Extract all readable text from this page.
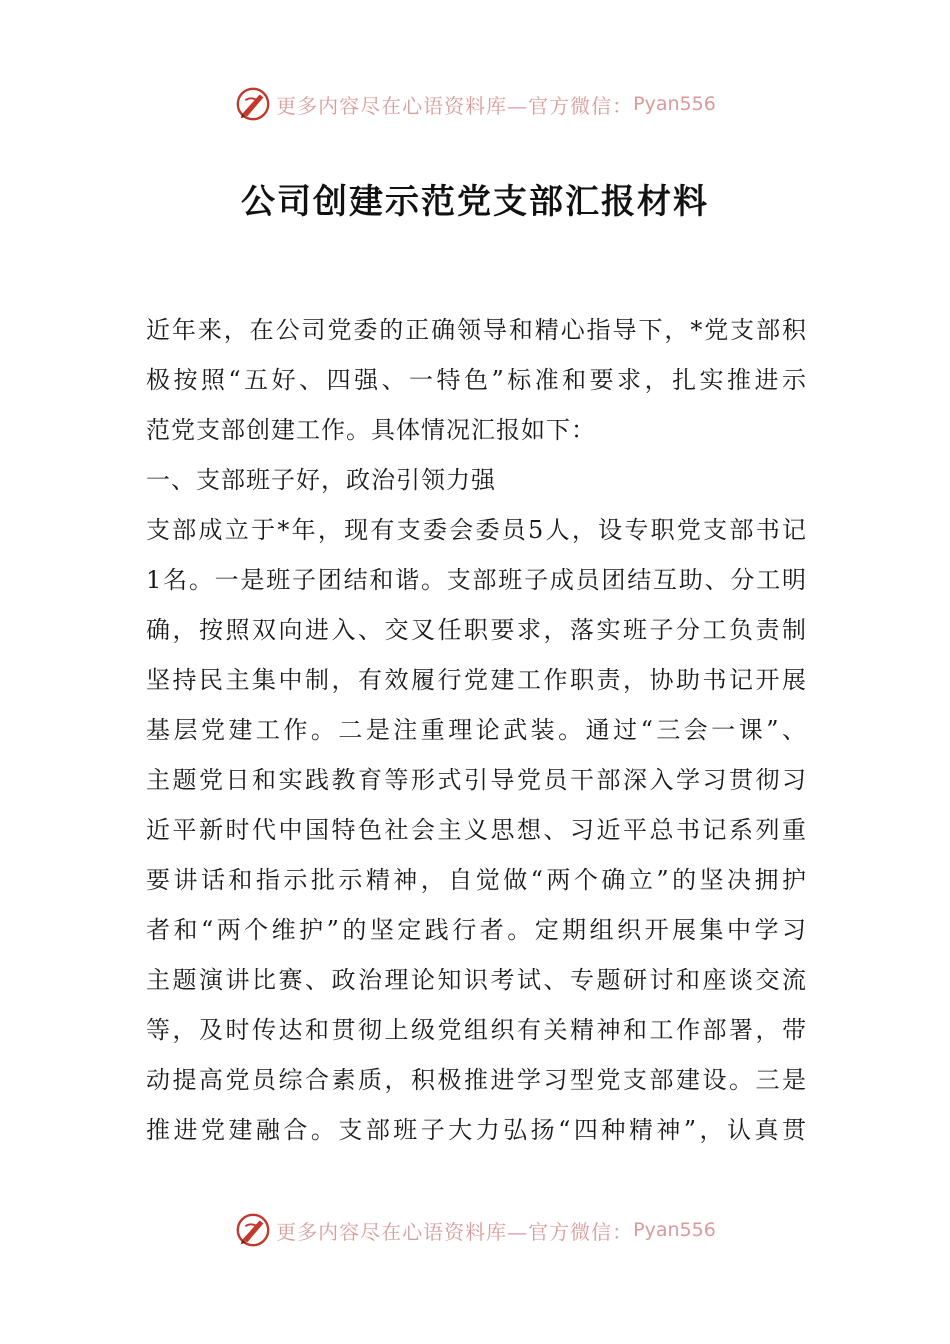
更多内容尽在心语资料库—官方微信： Pyan556
公司创建示范党支部汇报材料
近年来，在公司党委的正确领导和精心指导下，*党支部积
极按照“五好、四强、一特色”标准和要求，扎实推进示
范党支部创建工作。具体情况汇报如下：
一、支部班子好，政治引领力强
支部成立于*年，现有支委会委员5人，设专职党支部书记
1名。一是班子团结和谐。支部班子成员团结互助、分工明
确，按照双向进入、交叉任职要求，落实班子分工负责制
坚持民主集中制，有效履行党建工作职责，协助书记开展
基层党建工作。二是注重理论武装。通过“三会一课”、
主题党日和实践教育等形式引导党员干部深入学习贯彻习
近平新时代中国特色社会主义思想、习近平总书记系列重
要讲话和指示批示精神，自觉做“两个确立”的坚决拥护
者和“两个维护”的坚定践行者。定期组织开展集中学习
主题演讲比赛、政治理论知识考试、专题研讨和座谈交流
等，及时传达和贯彻上级党组织有关精神和工作部署，带
动提高党员综合素质，积极推进学习型党支部建设。三是
推进党建融合。支部班子大力弘扬“四种精神”，认真贯
更多内容尽在心语资料库—官方微信： Pyan556
